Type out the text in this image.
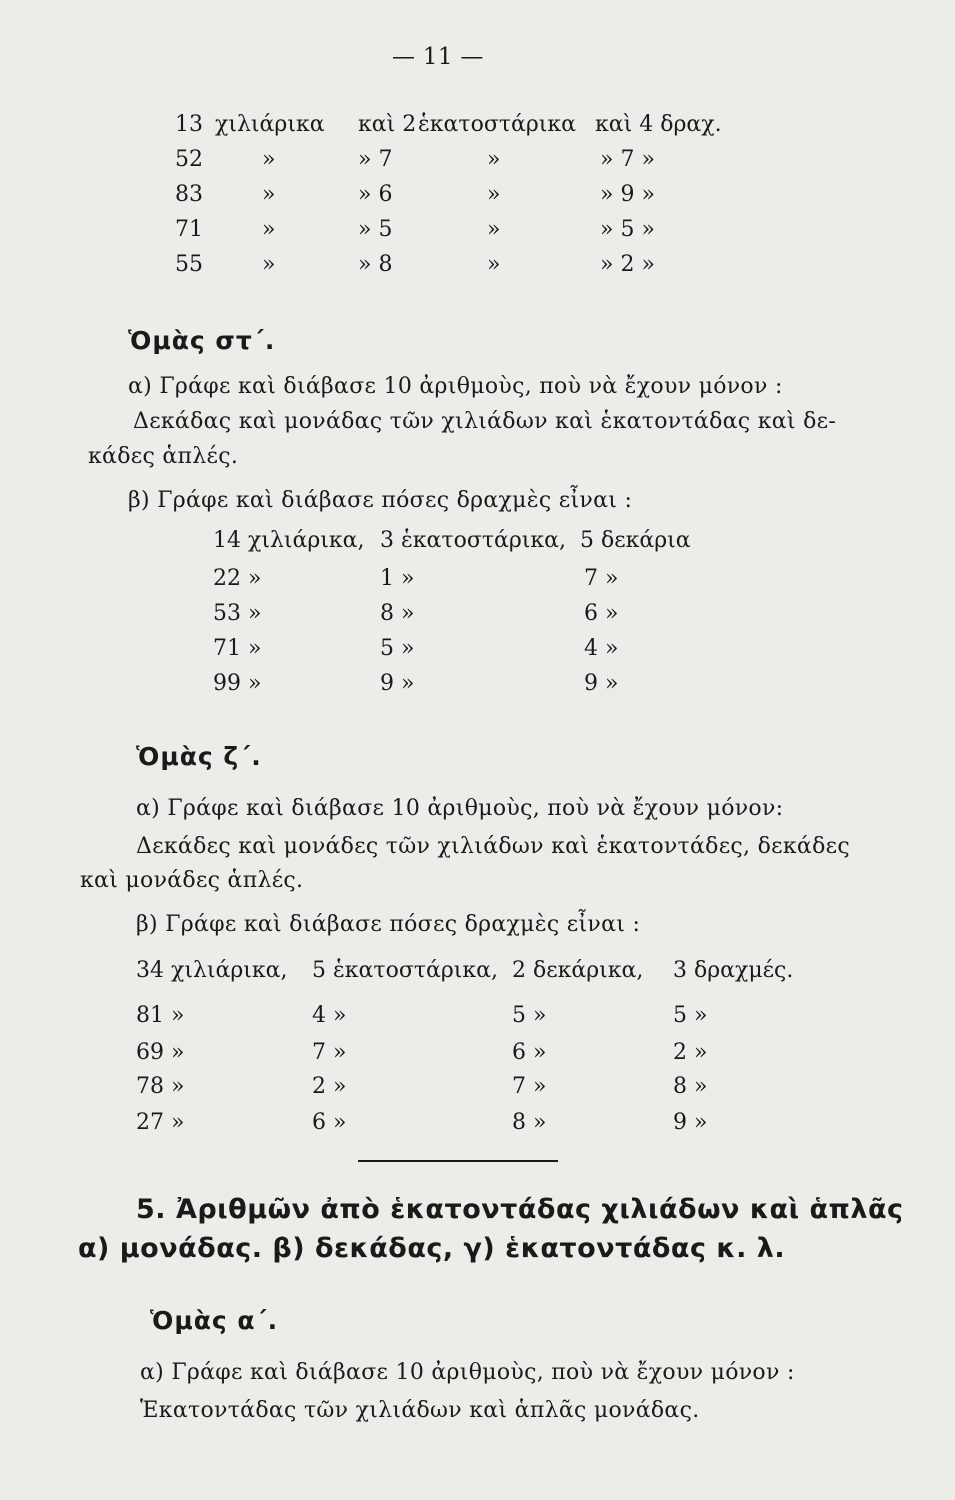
— 11 —
13 χιλιάρικα καὶ 2 ἑκατοστάρικα καὶ 4 δραχ.
52	»	» 7	»	» 7 »
83	»	» 6	»	» 9 »
71	»	» 5	»	» 5 »
55	»	» 8	»	» 2 »
Ὁμὰς στ΄.
α) Γράφε καὶ διάβασε 10 ἀριθμοὺς, ποὺ νὰ ἔχουν μόνον :
Δεκάδας καὶ μονάδας τῶν χιλιάδων καὶ ἑκατοντάδας καὶ δε-
κάδες ἁπλές.
β) Γράφε καὶ διάβασε πόσες δραχμὲς εἶναι :
14 χιλιάρικα, 3 ἑκατοστάρικα, 5 δεκάρια
22 »	1 »	7 »
53 »	8 »	6 »
71 »	5 »	4 »
99 »	9 »	9 »
Ὁμὰς ζ΄.
α) Γράφε καὶ διάβασε 10 ἀριθμοὺς, ποὺ νὰ ἔχουν μόνον:
Δεκάδες καὶ μονάδες τῶν χιλιάδων καὶ ἑκατοντάδες, δεκάδες
καὶ μονάδες ἁπλές.
β) Γράφε καὶ διάβασε πόσες δραχμὲς εἶναι :
34 χιλιάρικα, 5 ἑκατοστάρικα, 2 δεκάρικα, 3 δραχμές.
81 »	4 »	5 »	5 »
69 »	7 »	6 »	2 »
78 »	2 »	7 »	8 »
27 »	6 »	8 »	9 »
5. Ἀριθμῶν ἀπὸ ἑκατοντάδας χιλιάδων καὶ ἁπλᾶς
α) μονάδας. β) δεκάδας, γ) ἑκατοντάδας κ. λ.
Ὁμὰς α΄.
α) Γράφε καὶ διάβασε 10 ἀριθμοὺς, ποὺ νὰ ἔχουν μόνον :
Ἑκατοντάδας τῶν χιλιάδων καὶ ἁπλᾶς μονάδας.
